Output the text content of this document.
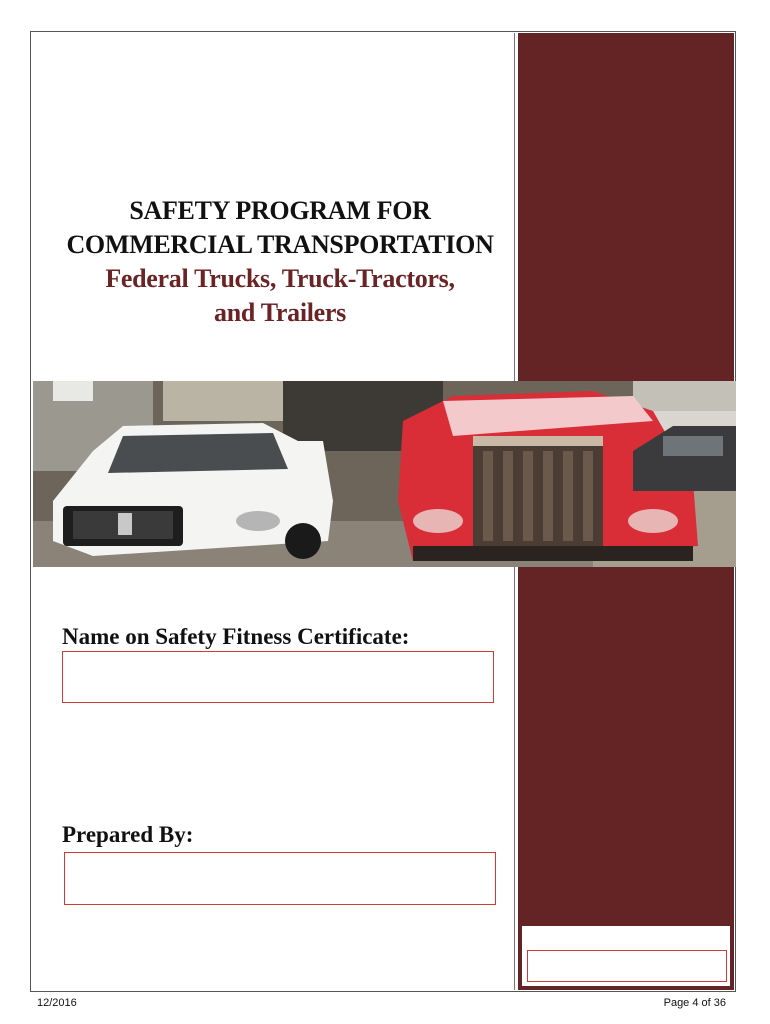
SAFETY PROGRAM FOR
COMMERCIAL TRANSPORTATION
Federal Trucks, Truck-Tractors,
and Trailers
Name on Safety Fitness Certificate:
Prepared By:
12/2016	Page 4 of 36
